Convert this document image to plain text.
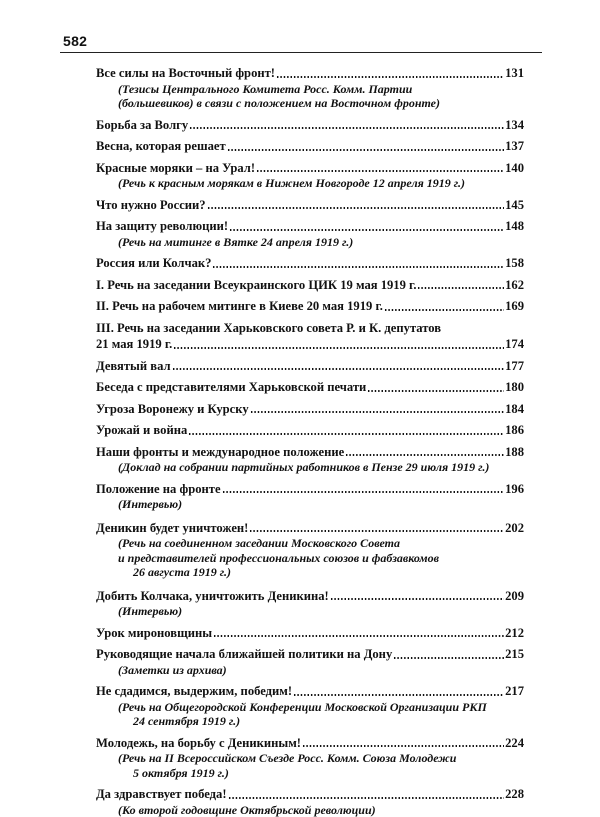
582
Все силы на Восточный фронт!	131
(Тезисы Центрального Комитета Росс. Комм. Партии
(большевиков) в связи с положением на Восточном фронте)
Борьба за Волгу	134
Весна, которая решает	137
Красные моряки – на Урал!	140
(Речь к красным морякам в Нижнем Новгороде 12 апреля 1919 г.)
Что нужно России?	145
На защиту революции!	148
(Речь на митинге в Вятке 24 апреля 1919 г.)
Россия или Колчак?	158
I. Речь на заседании Всеукраинского ЦИК 19 мая 1919 г.	162
II. Речь на рабочем митинге в Киеве 20 мая 1919 г.	169
III. Речь на заседании Харьковского совета Р. и К. депутатов
21 мая 1919 г.	174
Девятый вал	177
Беседа с представителями Харьковской печати	180
Угроза Воронежу и Курску	184
Урожай и война	186
Наши фронты и международное положение	188
(Доклад на собрании партийных работников в Пензе 29 июля 1919 г.)
Положение на фронте	196
(Интервью)
Деникин будет уничтожен!	202
(Речь на соединенном заседании Московского Совета
и представителей профессиональных союзов и фабзавкомов
26 августа 1919 г.)
Добить Колчака, уничтожить Деникина!	209
(Интервью)
Урок мироновщины	212
Руководящие начала ближайшей политики на Дону	215
(Заметки из архива)
Не сдадимся, выдержим, победим!	217
(Речь на Общегородской Конференции Московской Организации РКП
24 сентября 1919 г.)
Молодежь, на борьбу с Деникиным!	224
(Речь на II Всероссийском Съезде Росс. Комм. Союза Молодежи
5 октября 1919 г.)
Да здравствует победа!	228
(Ко второй годовщине Октябрьской революции)
